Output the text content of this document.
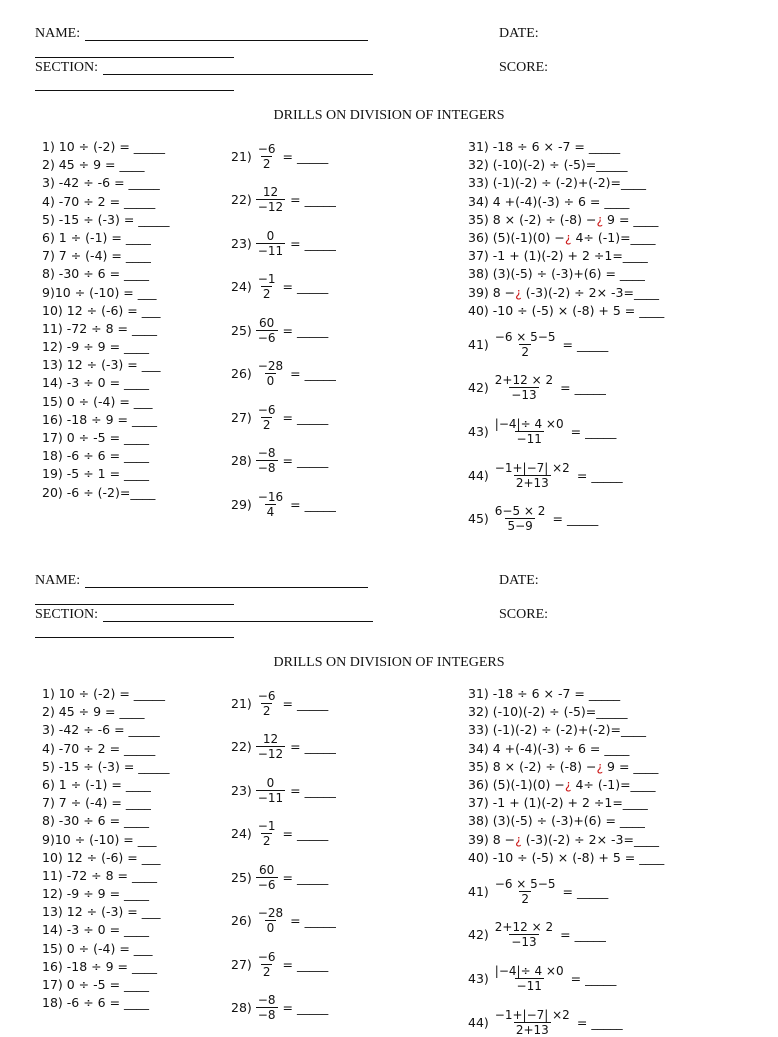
NAME:	DATE:
SECTION:	SCORE:
DRILLS ON DIVISION OF INTEGERS
1) 10 ÷ (-2) = _____
2) 45 ÷ 9 = ____
3) -42 ÷ -6 = _____
4) -70 ÷ 2 = _____
5) -15 ÷ (-3) = _____
6) 1 ÷ (-1) = ____
7) 7 ÷ (-4) = ____
8) -30 ÷ 6 = ____
9)10 ÷ (-10) = ___
10) 12 ÷ (-6) = ___
11) -72 ÷ 8 = ____
12) -9 ÷ 9 = ____
13) 12 ÷ (-3) = ___
14) -3 ÷ 0 = ____
15) 0 ÷ (-4) = ___
16) -18 ÷ 9 = ____
17) 0 ÷ -5 = ____
18) -6 ÷ 6 = ____
19) -5 ÷ 1 = ____
20) -6 ÷ (-2)=____
$21) \frac{-6}{2}$ = _____
$22) \frac{12}{-12}$ = _____
$23) \frac{0}{-11}$ = _____
$24) \frac{-1}{2}$ = _____
$25) \frac{60}{-6}$ = _____
$26) \frac{-28}{0}$ = _____
$27) \frac{-6}{2}$ = _____
$28) \frac{-8}{-8}$ = _____
$29) \frac{-16}{4}$ = _____
31) -18 ÷ 6 × -7 = _____
32) (-10)(-2) ÷ (-5)=_____
33) (-1)(-2) ÷ (-2)+(-2)=____
34) 4 +(-4)(-3) ÷ 6 = ____
35) 8 × (-2) ÷ (-8) −¿ 9 = ____
36) (5)(-1)(0) −¿ 4÷ (-1)=____
37) -1 + (1)(-2) + 2 ÷1=____
38) (3)(-5) ÷ (-3)+(6) = ____
39) 8 −¿ (-3)(-2) ÷ 2× -3=____
40) -10 ÷ (-5) × (-8) + 5 = ____
$41) \frac{-6 \times 5-5}{2}$ = _____
$42) \frac{2+12 \times 2}{-13}$ = _____
$43) \frac{|-4|\div 4 \times 0}{-11}$ = _____
$44) \frac{-1+|-7| \times 2}{2+13}$ = _____
$45) \frac{6-5 \times 2}{5-9}$ = _____
NAME:	DATE:
SECTION:	SCORE:
DRILLS ON DIVISION OF INTEGERS
1) 10 ÷ (-2) = _____
2) 45 ÷ 9 = ____
3) -42 ÷ -6 = _____
4) -70 ÷ 2 = _____
5) -15 ÷ (-3) = _____
6) 1 ÷ (-1) = ____
7) 7 ÷ (-4) = ____
8) -30 ÷ 6 = ____
9)10 ÷ (-10) = ___
10) 12 ÷ (-6) = ___
11) -72 ÷ 8 = ____
12) -9 ÷ 9 = ____
13) 12 ÷ (-3) = ___
14) -3 ÷ 0 = ____
15) 0 ÷ (-4) = ___
16) -18 ÷ 9 = ____
17) 0 ÷ -5 = ____
18) -6 ÷ 6 = ____
$21) \frac{-6}{2}$ = _____
$22) \frac{12}{-12}$ = _____
$23) \frac{0}{-11}$ = _____
$24) \frac{-1}{2}$ = _____
$25) \frac{60}{-6}$ = _____
$26) \frac{-28}{0}$ = _____
$27) \frac{-6}{2}$ = _____
$28) \frac{-8}{-8}$ = _____
31) -18 ÷ 6 × -7 = _____
32) (-10)(-2) ÷ (-5)=_____
33) (-1)(-2) ÷ (-2)+(-2)=____
34) 4 +(-4)(-3) ÷ 6 = ____
35) 8 × (-2) ÷ (-8) −¿ 9 = ____
36) (5)(-1)(0) −¿ 4÷ (-1)=____
37) -1 + (1)(-2) + 2 ÷1=____
38) (3)(-5) ÷ (-3)+(6) = ____
39) 8 −¿ (-3)(-2) ÷ 2× -3=____
40) -10 ÷ (-5) × (-8) + 5 = ____
$41) \frac{-6 \times 5-5}{2}$ = _____
$42) \frac{2+12 \times 2}{-13}$ = _____
$43) \frac{|-4|\div 4 \times 0}{-11}$ = _____
$44) \frac{-1+|-7| \times 2}{2+13}$ = _____
